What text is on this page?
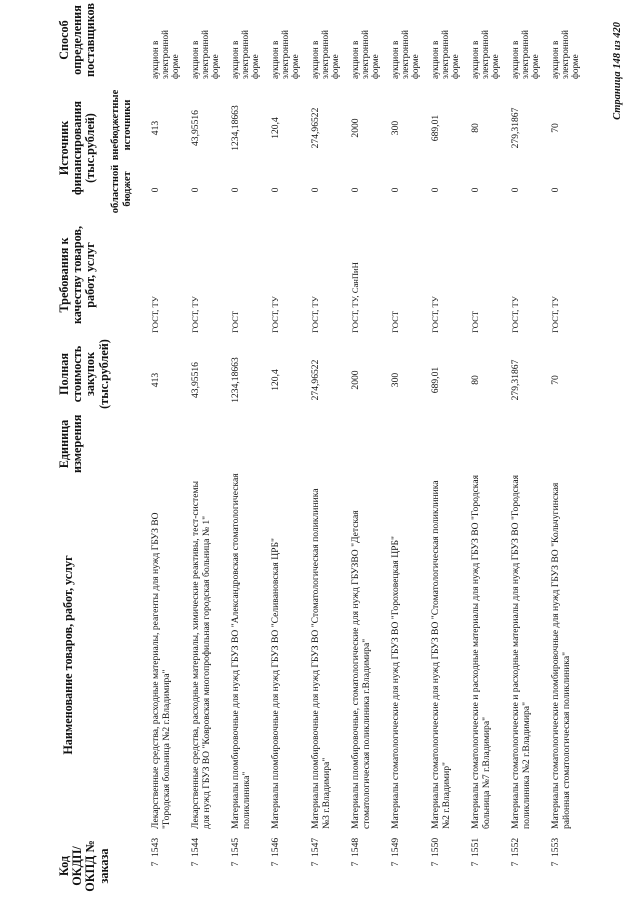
Код ОКДП/ ОКПД № заказа
Наименование товаров, работ, услуг
Единица измерения
Полная стоимость закупок (тыс.рублей)
Требования к качеству товаров, работ, услуг
Источник финансирования (тыс.рублей)
областной бюджет
внебюджетные источники
Способ определения поставщиков
7
1543
Лекарственные средства, расходные материалы, реагенты для нужд ГБУЗ ВО "Городская больница №2 г.Владимира"
413
ГОСТ, ТУ
0
413
аукцион в электронной форме
7
1544
Лекарственные средства, расходные материалы, химические реактивы, тест-системы для нужд ГБУЗ ВО "Ковровская многопрофильная городская больница № 1"
43,95516
ГОСТ, ТУ
0
43,95516
аукцион в электронной форме
7
1545
Материалы пломбировочные для нужд ГБУЗ ВО "Александровская стоматологическая поликлиника"
1234,18663
ГОСТ
0
1234,18663
аукцион в электронной форме
7
1546
Материалы пломбировочные для нужд ГБУЗ ВО "Селивановская ЦРБ"
120,4
ГОСТ, ТУ
0
120,4
аукцион в электронной форме
7
1547
Материалы пломбировочные для нужд ГБУЗ ВО "Стоматологическая поликлиника №3 г.Владимира"
274,96522
ГОСТ, ТУ
0
274,96522
аукцион в электронной форме
7
1548
Материалы пломбировочные, стоматологические для нужд ГБУЗВО "Детская стоматологическая поликлиника г.Владимира"
2000
ГОСТ, ТУ, СанПиН
0
2000
аукцион в электронной форме
7
1549
Материалы стоматологические для нужд ГБУЗ ВО "Гороховецкая ЦРБ"
300
ГОСТ
0
300
аукцион в электронной форме
7
1550
Материалы стоматологические для нужд ГБУЗ ВО "Стоматологическая поликлиника №2 г.Владимир"
689,01
ГОСТ, ТУ
0
689,01
аукцион в электронной форме
7
1551
Материалы стоматологические и расходные материалы для нужд ГБУЗ ВО "Городская больница №7 г.Владимира"
80
ГОСТ
0
80
аукцион в электронной форме
7
1552
Материалы стоматологические и расходные материалы для нужд ГБУЗ ВО "Городская поликлиника №2 г.Владимира"
279,31867
ГОСТ, ТУ
0
279,31867
аукцион в электронной форме
7
1553
Материалы стоматологические пломбировочные для нужд ГБУЗ ВО "Кольчугинская районная стоматологическая поликлиника"
70
ГОСТ, ТУ
0
70
аукцион в электронной форме	Страница 148 из 420
